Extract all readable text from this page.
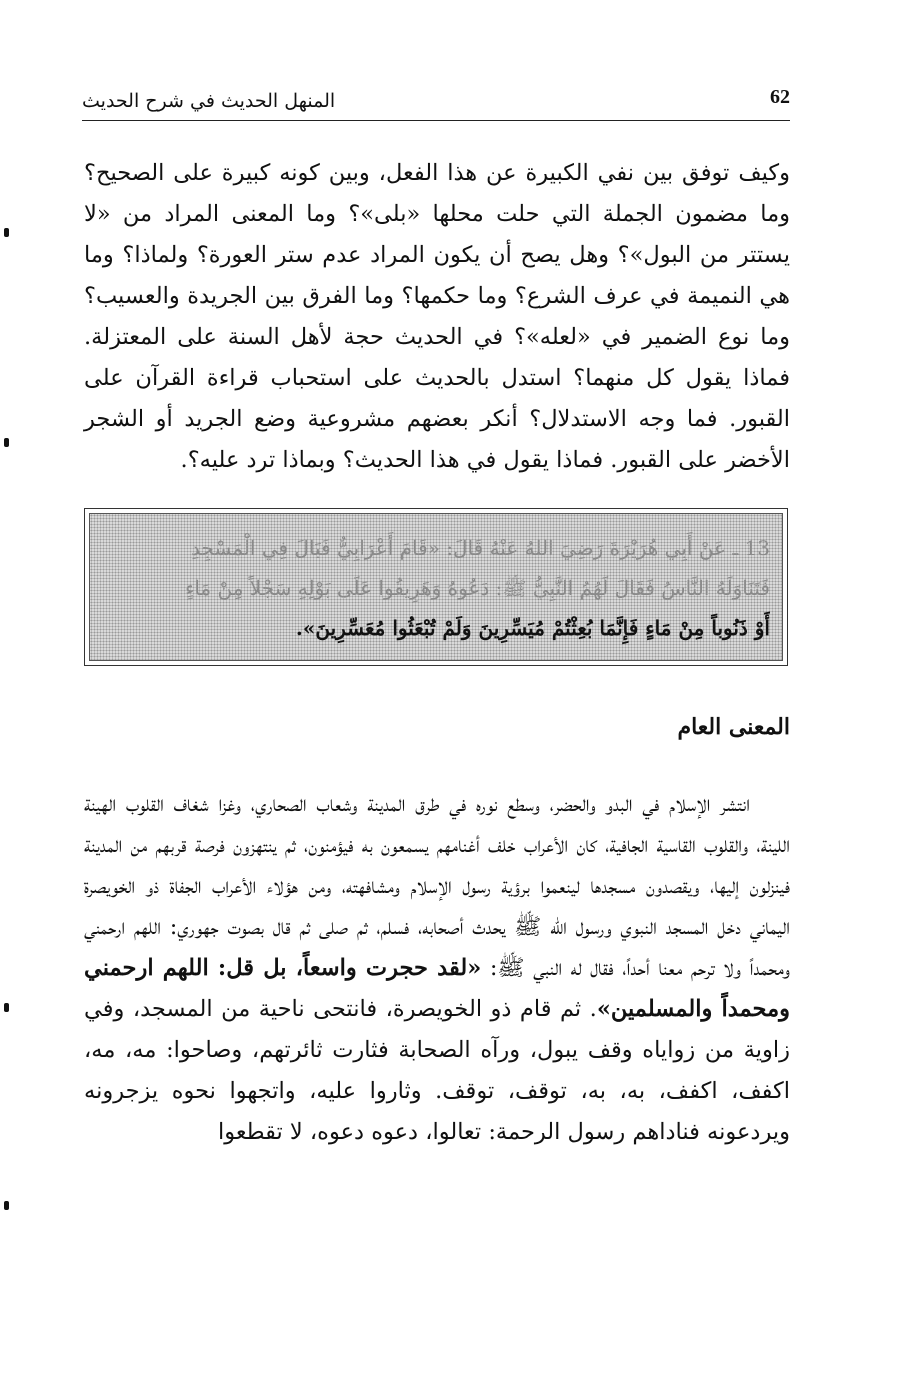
62
المنهل الحديث في شرح الحديث

وكيف توفق بين نفي الكبيرة عن هذا الفعل، وبين كونه كبيرة على الصحيح؟ وما مضمون الجملة التي حلت محلها «بلى»؟ وما المعنى المراد من «لا يستتر من البول»؟ وهل يصح أن يكون المراد عدم ستر العورة؟ ولماذا؟ وما هي النميمة في عرف الشرع؟ وما حكمها؟ وما الفرق بين الجريدة والعسيب؟ وما نوع الضمير في «لعله»؟ في الحديث حجة لأهل السنة على المعتزلة. فماذا يقول كل منهما؟ استدل بالحديث على استحباب قراءة القرآن على القبور. فما وجه الاستدلال؟ أنكر بعضهم مشروعية وضع الجريد أو الشجر الأخضر على القبور. فماذا يقول في هذا الحديث؟ وبماذا ترد عليه؟.

13 ـ عَنْ أَبِي هُرَيْرَةَ رَضِيَ اللهُ عَنْهُ قَالَ: «قَامَ أَعْرَابِيٌّ فَبَالَ فِي الْمَسْجِدِ
فَتَنَاوَلَهُ النَّاسُ فَقَالَ لَهُمُ النَّبِيُّ ﷺ: دَعُوهُ وَهَرِيقُوا عَلَى بَوْلِهِ سَجْلاً مِنْ مَاءٍ
أَوْ ذَنُوباً مِنْ مَاءٍ فَإِنَّمَا بُعِثْتُمْ مُيَسِّرِينَ وَلَمْ تُبْعَثُوا مُعَسِّرِينَ».
المعنى العام

انتشر الإسلام في البدو والحضر، وسطع نوره في طرق المدينة وشعاب الصحاري، وغزا شغاف القلوب الهينة اللينة، والقلوب القاسية الجافية، كان الأعراب خلف أغنامهم يسمعون به فيؤمنون، ثم ينتهزون فرصة قربهم من المدينة فينزلون إليها، ويقصدون مسجدها لينعموا برؤية رسول الإسلام ومشافهته، ومن هؤلاء الأعراب الجفاة ذو الخويصرة اليماني دخل المسجد النبوي ورسول الله ﷺ يحدث أصحابه، فسلم، ثم صلى ثم قال بصوت جهوري: اللهم ارحمني ومحمداً ولا ترحم معنا أحداً، فقال له النبي ﷺ: «لقد حجرت واسعاً، بل قل: اللهم ارحمني ومحمداً والمسلمين». ثم قام ذو الخويصرة، فانتحى ناحية من المسجد، وفي زاوية من زواياه وقف يبول، ورآه الصحابة فثارت ثائرتهم، وصاحوا: مه، مه، اكفف، اكفف، به، به، توقف، توقف. وثاروا عليه، واتجهوا نحوه يزجرونه ويردعونه فناداهم رسول الرحمة: تعالوا، دعوه دعوه، لا تقطعوا
